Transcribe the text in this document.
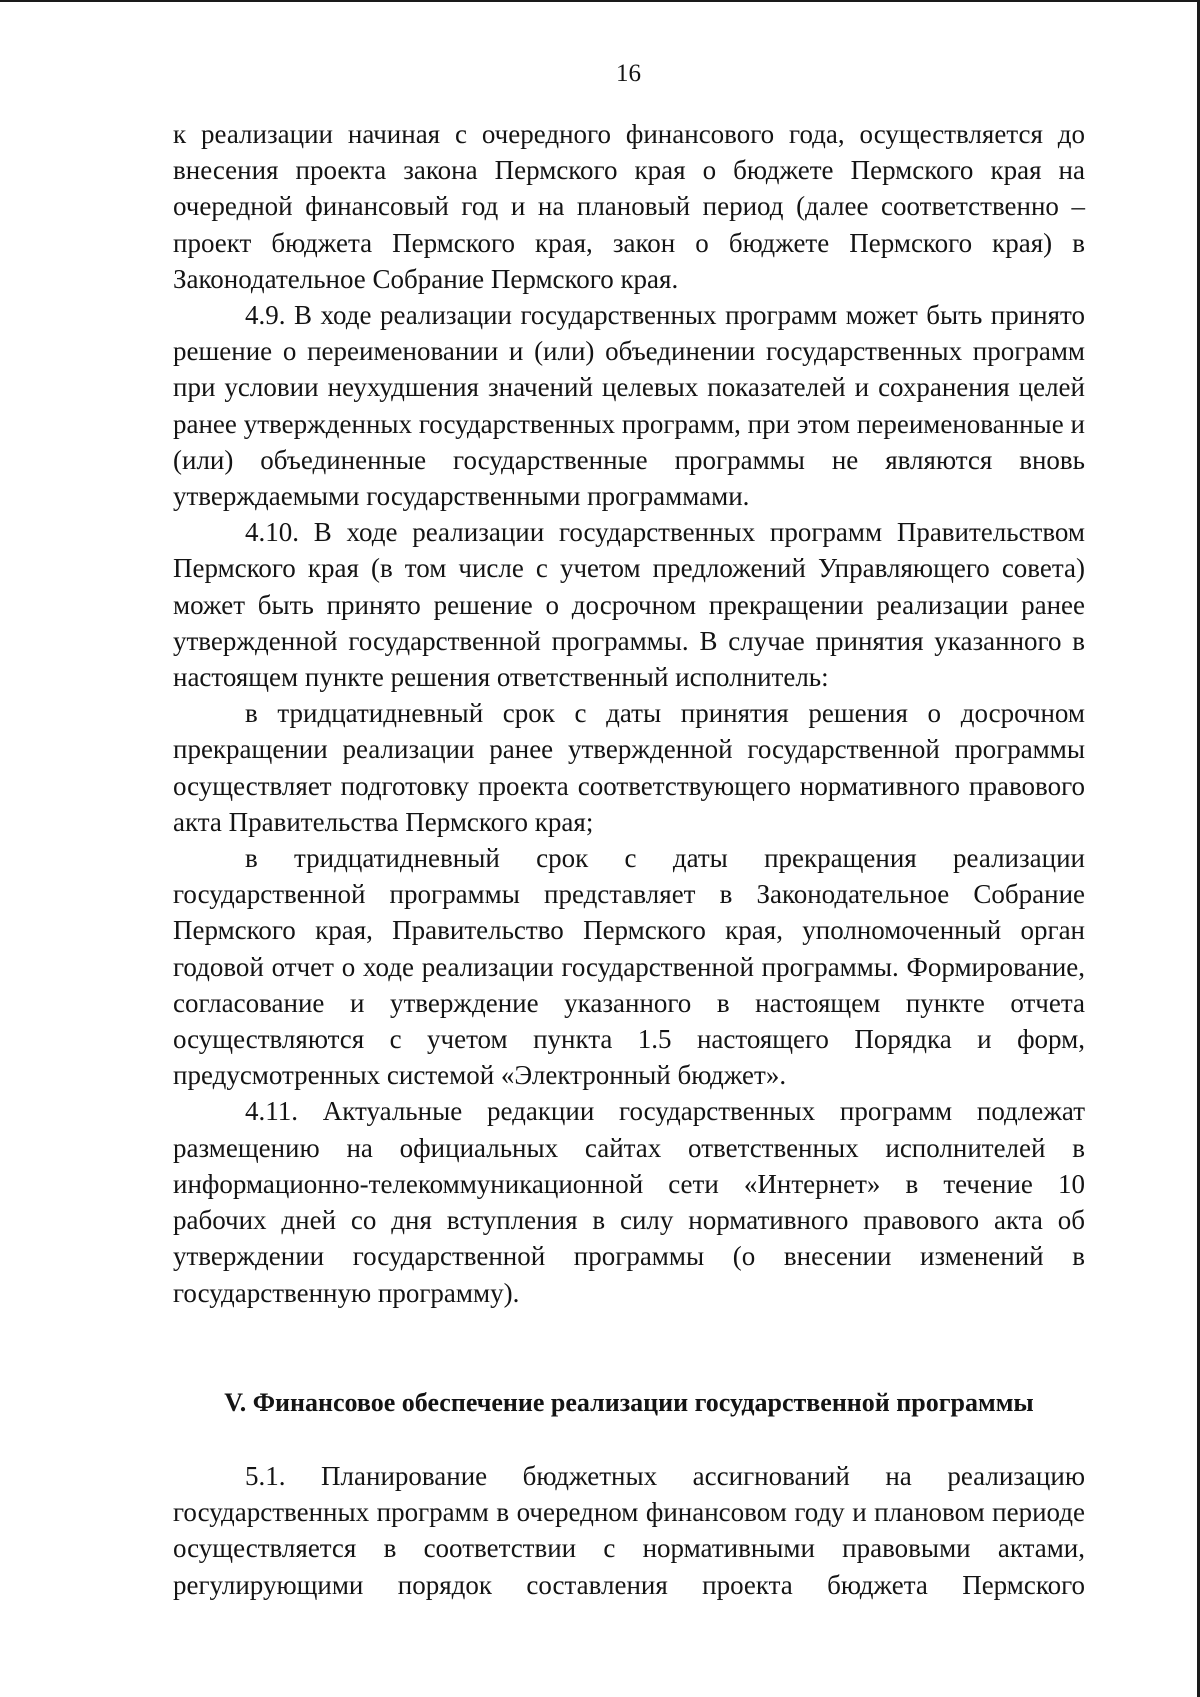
16

к реализации начиная с очередного финансового года, осуществляется до внесения проекта закона Пермского края о бюджете Пермского края на очередной финансовый год и на плановый период (далее соответственно – проект бюджета Пермского края, закон о бюджете Пермского края) в Законодательное Собрание Пермского края.

4.9. В ходе реализации государственных программ может быть принято решение о переименовании и (или) объединении государственных программ при условии неухудшения значений целевых показателей и сохранения целей ранее утвержденных государственных программ, при этом переименованные и (или) объединенные государственные программы не являются вновь утверждаемыми государственными программами.

4.10. В ходе реализации государственных программ Правительством Пермского края (в том числе с учетом предложений Управляющего совета) может быть принято решение о досрочном прекращении реализации ранее утвержденной государственной программы. В случае принятия указанного в настоящем пункте решения ответственный исполнитель:

в тридцатидневный срок с даты принятия решения о досрочном прекращении реализации ранее утвержденной государственной программы осуществляет подготовку проекта соответствующего нормативного правового акта Правительства Пермского края;

в тридцатидневный срок с даты прекращения реализации государственной программы представляет в Законодательное Собрание Пермского края, Правительство Пермского края, уполномоченный орган годовой отчет о ходе реализации государственной программы. Формирование, согласование и утверждение указанного в настоящем пункте отчета осуществляются с учетом пункта 1.5 настоящего Порядка и форм, предусмотренных системой «Электронный бюджет».

4.11. Актуальные редакции государственных программ подлежат размещению на официальных сайтах ответственных исполнителей в информационно-телекоммуникационной сети «Интернет» в течение 10 рабочих дней со дня вступления в силу нормативного правового акта об утверждении государственной программы (о внесении изменений в государственную программу).

V. Финансовое обеспечение реализации государственной программы

5.1. Планирование бюджетных ассигнований на реализацию государственных программ в очередном финансовом году и плановом периоде осуществляется в соответствии с нормативными правовыми актами, регулирующими порядок составления проекта бюджета Пермского
